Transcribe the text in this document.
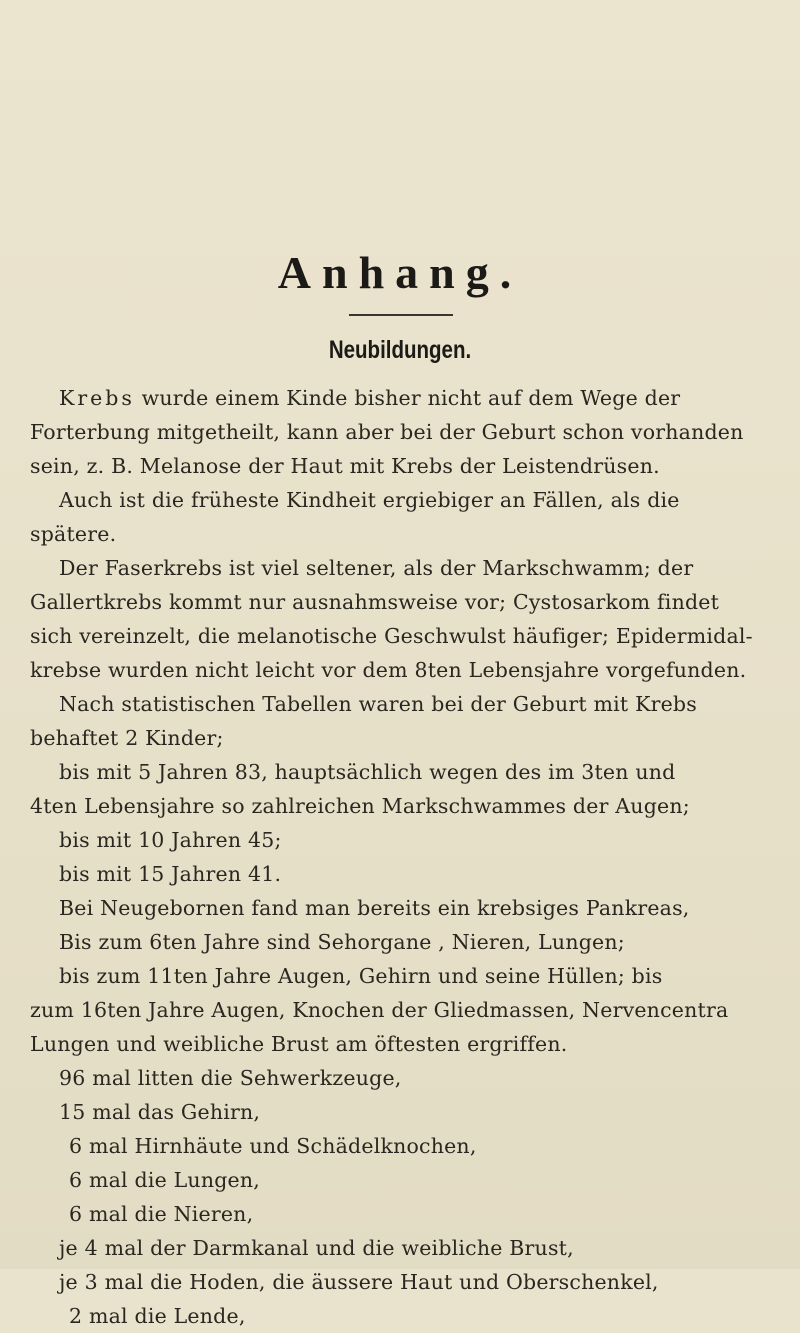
Anhang.
Neubildungen.
Krebs wurde einem Kinde bisher nicht auf dem Wege der
Forterbung mitgetheilt, kann aber bei der Geburt schon vorhanden
sein, z. B. Melanose der Haut mit Krebs der Leistendrüsen.
Auch ist die früheste Kindheit ergiebiger an Fällen, als die
spätere.
Der Faserkrebs ist viel seltener, als der Markschwamm; der
Gallertkrebs kommt nur ausnahmsweise vor; Cystosarkom findet
sich vereinzelt, die melanotische Geschwulst häufiger; Epidermidal-
krebse wurden nicht leicht vor dem 8ten Lebensjahre vorgefunden.
Nach statistischen Tabellen waren bei der Geburt mit Krebs
behaftet 2 Kinder;
bis mit 5 Jahren 83, hauptsächlich wegen des im 3ten und
4ten Lebensjahre so zahlreichen Markschwammes der Augen;
bis mit 10 Jahren 45;
bis mit 15 Jahren 41.
Bei Neugebornen fand man bereits ein krebsiges Pankreas,
Bis zum 6ten Jahre sind Sehorgane , Nieren, Lungen;
bis zum 11ten Jahre Augen, Gehirn und seine Hüllen; bis
zum 16ten Jahre Augen, Knochen der Gliedmassen, Nervencentra
Lungen und weibliche Brust am öftesten ergriffen.
96 mal litten die Sehwerkzeuge,
15 mal das Gehirn,
6 mal Hirnhäute und Schädelknochen,
6 mal die Lungen,
6 mal die Nieren,
je 4 mal der Darmkanal und die weibliche Brust,
je 3 mal die Hoden, die äussere Haut und Oberschenkel,
2 mal die Lende,
